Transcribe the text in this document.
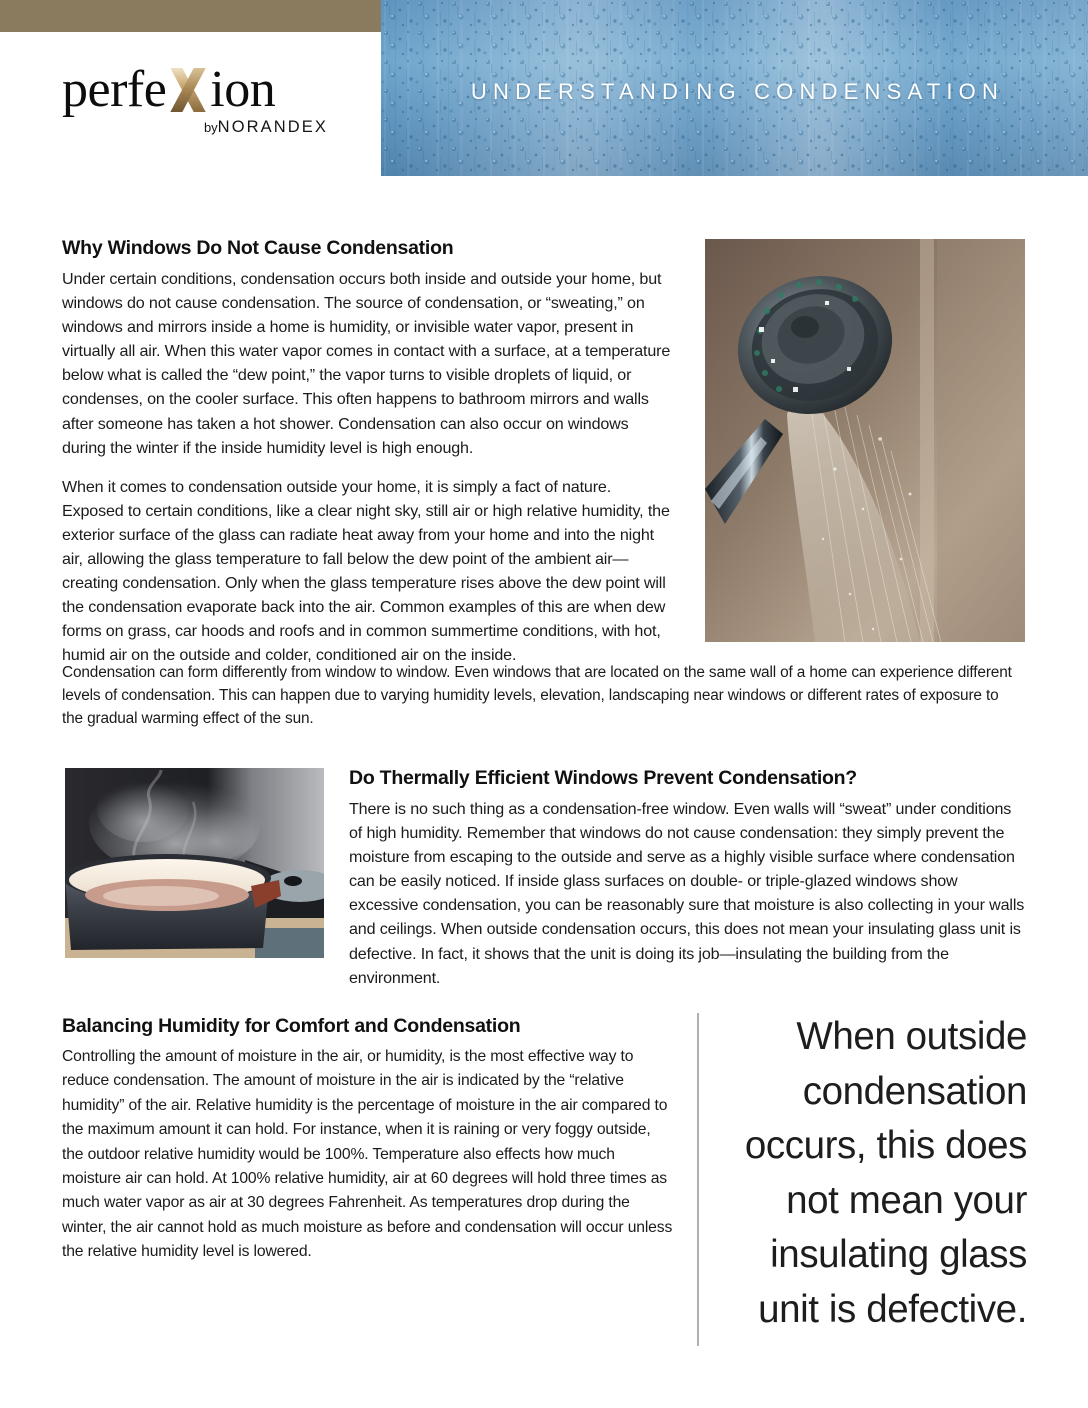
UNDERSTANDING CONDENSATION
perfe ion
byNORANDEX
Why Windows Do Not Cause Condensation

Under certain conditions, condensation occurs both inside and outside your home, but windows do not cause condensation. The source of condensation, or “sweating,” on windows and mirrors inside a home is humidity, or invisible water vapor, present in virtually all air. When this water vapor comes in contact with a surface, at a temperature below what is called the “dew point,” the vapor turns to visible droplets of liquid, or condenses, on the cooler surface. This often happens to bathroom mirrors and walls after someone has taken a hot shower. Condensation can also occur on windows during the winter if the inside humidity level is high enough.

When it comes to condensation outside your home, it is simply a fact of nature. Exposed to certain conditions, like a clear night sky, still air or high relative humidity, the exterior surface of the glass can radiate heat away from your home and into the night air, allowing the glass temperature to fall below the dew point of the ambient air—creating condensation. Only when the glass temperature rises above the dew point will the condensation evaporate back into the air. Common examples of this are when dew forms on grass, car hoods and roofs and in common summertime conditions, with hot, humid air on the outside and colder, conditioned air on the inside.

Condensation can form differently from window to window. Even windows that are located on the same wall of a home can experience different levels of condensation. This can happen due to varying humidity levels, elevation, landscaping near windows or different rates of exposure to the gradual warming effect of the sun.

Do Thermally Efficient Windows Prevent Condensation?

There is no such thing as a condensation-free window. Even walls will “sweat” under conditions of high humidity. Remember that windows do not cause condensation: they simply prevent the moisture from escaping to the outside and serve as a highly visible surface where condensation can be easily noticed. If inside glass surfaces on double- or triple-glazed windows show excessive condensation, you can be reasonably sure that moisture is also collecting in your walls and ceilings. When outside condensation occurs, this does not mean your insulating glass unit is defective. In fact, it shows that the unit is doing its job—insulating the building from the environment.

Balancing Humidity for Comfort and Condensation

Controlling the amount of moisture in the air, or humidity, is the most effective way to reduce condensation. The amount of moisture in the air is indicated by the “relative humidity” of the air. Relative humidity is the percentage of moisture in the air compared to the maximum amount it can hold. For instance, when it is raining or very foggy outside, the outdoor relative humidity would be 100%. Temperature also effects how much moisture air can hold. At 100% relative humidity, air at 60 degrees will hold three times as much water vapor as air at 30 degrees Fahrenheit. As temperatures drop during the winter, the air cannot hold as much moisture as before and condensation will occur unless the relative humidity level is lowered.

When outside condensation occurs, this does not mean your insulating glass unit is defective.
